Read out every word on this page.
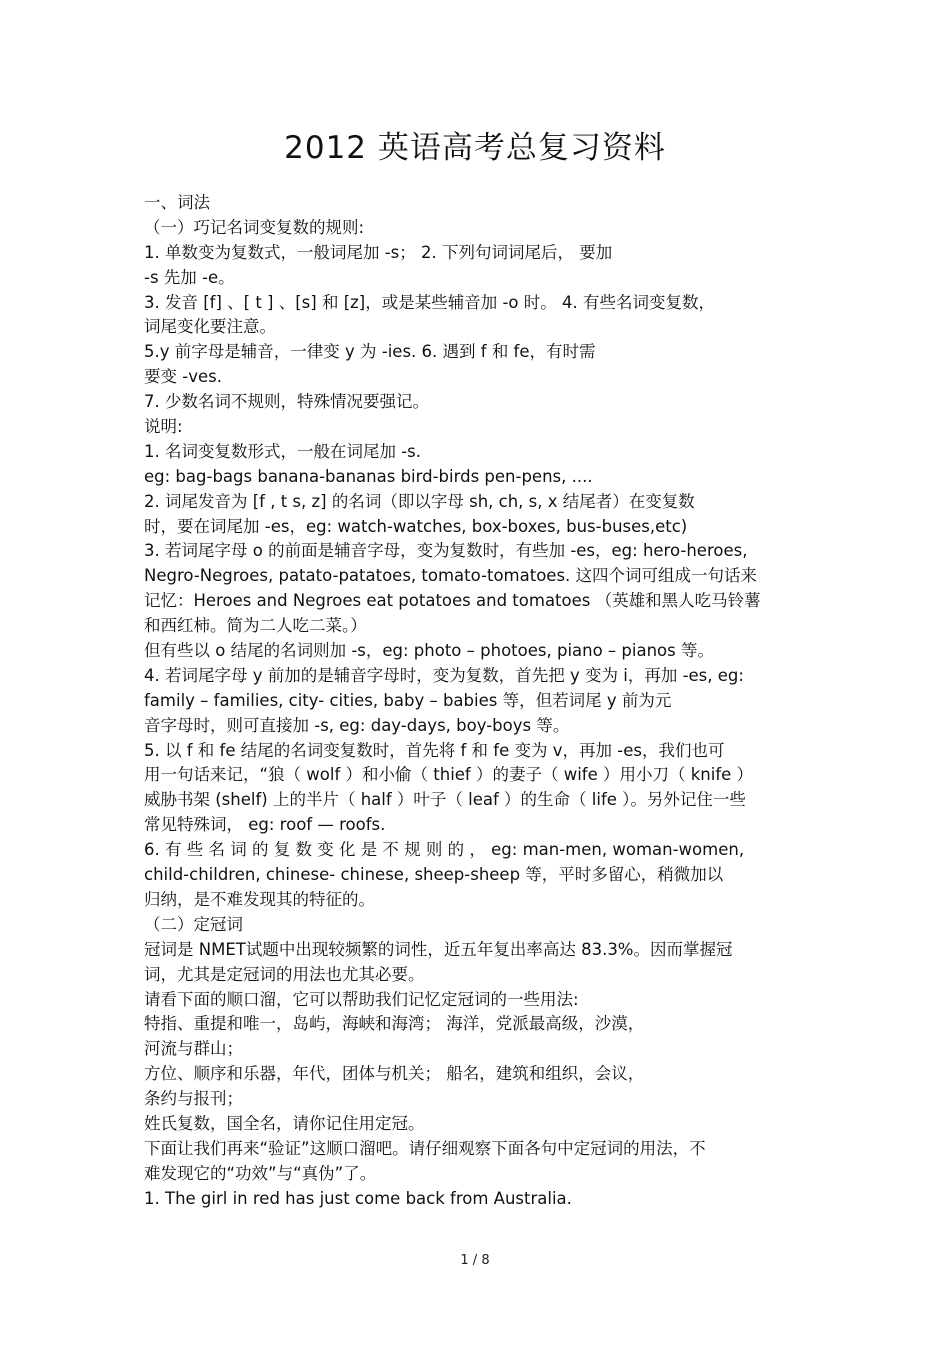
2012 英语高考总复习资料
一、词法
（一）巧记名词变复数的规则:
1. 单数变为复数式，一般词尾加 -s； 2. 下列句词词尾后， 要加
-s 先加 -e。
3. 发音 [f] 、[ t ] 、[s] 和 [z]，或是某些辅音加 -o 时。 4. 有些名词变复数，
词尾变化要注意。
5.y 前字母是辅音，一律变 y 为 -ies. 6. 遇到 f 和 fe，有时需
要变 -ves.
7. 少数名词不规则，特殊情况要强记。
说明:
1. 名词变复数形式，一般在词尾加 -s.
eg: bag-bags banana-bananas bird-birds pen-pens, ....
2. 词尾发音为 [f , t s, z] 的名词（即以字母 sh, ch, s, x 结尾者）在变复数
时，要在词尾加 -es，eg: watch-watches, box-boxes, bus-buses,etc)
3. 若词尾字母 o 的前面是辅音字母，变为复数时，有些加 -es，eg: hero-heroes,
Negro-Negroes, patato-patatoes, tomato-tomatoes. 这四个词可组成一句话来
记忆：Heroes and Negroes eat potatoes and tomatoes （英雄和黑人吃马铃薯
和西红柿。简为二人吃二菜。）
但有些以 o 结尾的名词则加 -s，eg: photo – photoes, piano – pianos 等。
4. 若词尾字母 y 前加的是辅音字母时，变为复数，首先把 y 变为 i，再加 -es, eg:
family – families, city- cities, baby – babies 等，但若词尾 y 前为元
音字母时，则可直接加 -s, eg: day-days, boy-boys 等。
5. 以 f 和 fe 结尾的名词变复数时，首先将 f 和 fe 变为 v，再加 -es，我们也可
用一句话来记，“狼（ wolf ）和小偷（ thief ）的妻子（ wife ）用小刀（ knife ）
威胁书架 (shelf) 上的半片（ half ）叶子（ leaf ）的生命（ life ）。另外记住一些
常见特殊词， eg: roof — roofs.
6. 有 些 名 词 的 复 数 变 化 是 不 规 则 的 ， eg: man-men, woman-women,
child-children, chinese- chinese, sheep-sheep 等，平时多留心，稍微加以
归纳，是不难发现其的特征的。
（二）定冠词
冠词是 NMET试题中出现较频繁的词性，近五年复出率高达 83.3%。因而掌握冠
词，尤其是定冠词的用法也尤其必要。
请看下面的顺口溜，它可以帮助我们记忆定冠词的一些用法:
特指、重提和唯一，岛屿，海峡和海湾； 海洋，党派最高级，沙漠，
河流与群山；
方位、顺序和乐器，年代，团体与机关； 船名，建筑和组织，会议，
条约与报刊；
姓氏复数，国全名，请你记住用定冠。
下面让我们再来“验证”这顺口溜吧。请仔细观察下面各句中定冠词的用法，不
难发现它的“功效”与“真伪”了。
1. The girl in red has just come back from Australia.
1 / 8
